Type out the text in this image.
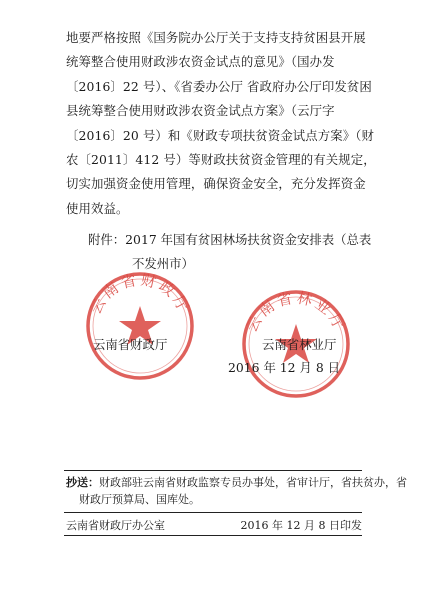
地要严格按照《国务院办公厅关于支持支持贫困县开展
统筹整合使用财政涉农资金试点的意见》（国办发
〔2016〕22 号）、《省委办公厅 省政府办公厅印发贫困
县统筹整合使用财政涉农资金试点方案》（云厅字
〔2016〕20 号）和《财政专项扶贫资金试点方案》（财
农〔2011〕412 号）等财政扶贫资金管理的有关规定，
切实加强资金使用管理，确保资金安全，充分发挥资金
使用效益。
附件：2017 年国有贫困林场扶贫资金安排表（总表
不发州市）
云南省财政厅
云南省林业厅
云南省财政厅	云南省林业厅
2016 年 12 月 8 日
抄送：财政部驻云南省财政监察专员办事处，省审计厅，省扶贫办，省
财政厅预算局、国库处。
云南省财政厅办公室	2016 年 12 月 8 日印发
